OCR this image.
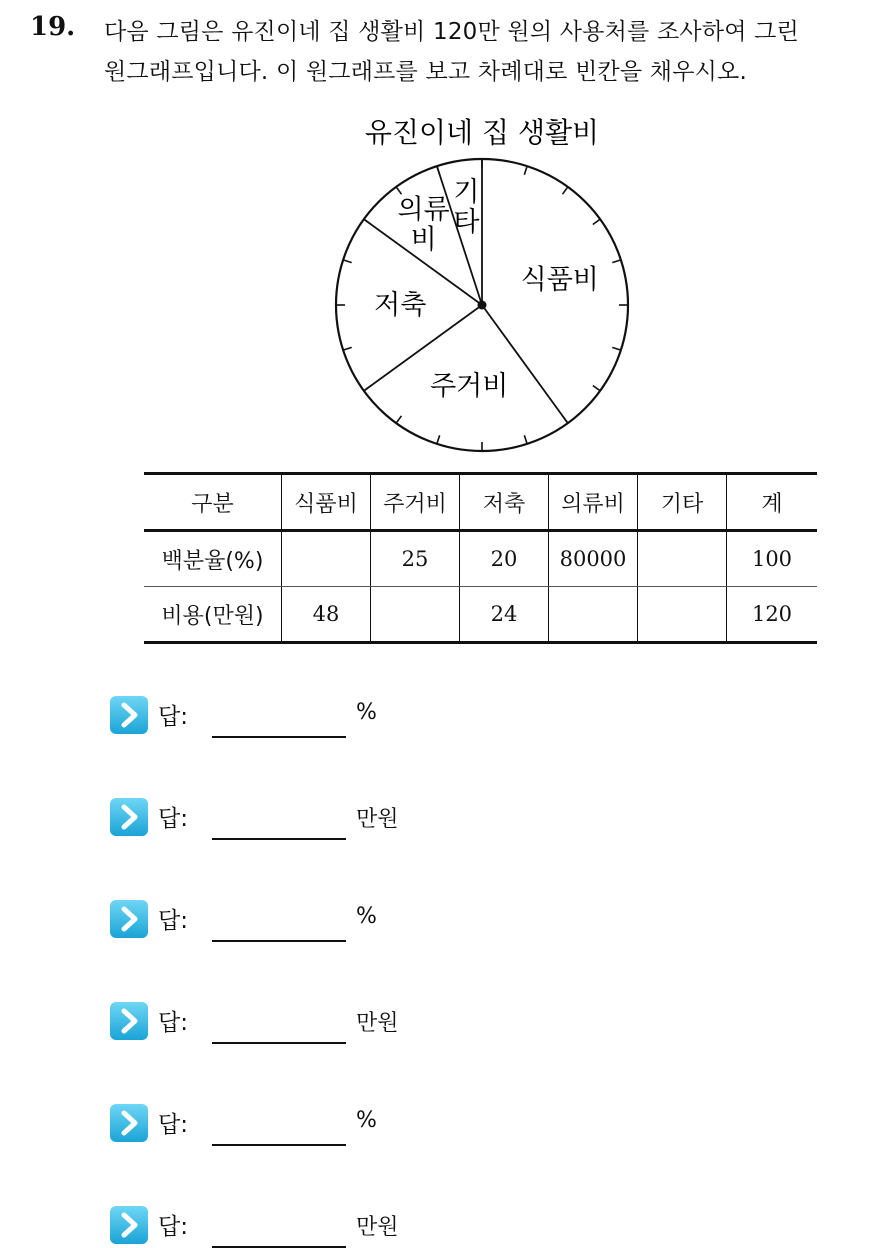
19. 다음 그림은 유진이네 집 생활비 120만 원의 사용처를 조사하여 그린
원그래프입니다. 이 원그래프를 보고 차례대로 빈칸을 채우시오.
유진이네 집 생활비
식품비
주거비
저축
의류 비
기 타
구분	식품비	주거비	저축	의류비	기타	계
백분율(%)		25	20	80000		100
비용(만원)	48		24			120
답:	%
답:	만원
답:	%
답:	만원
답:	%
답:	만원
